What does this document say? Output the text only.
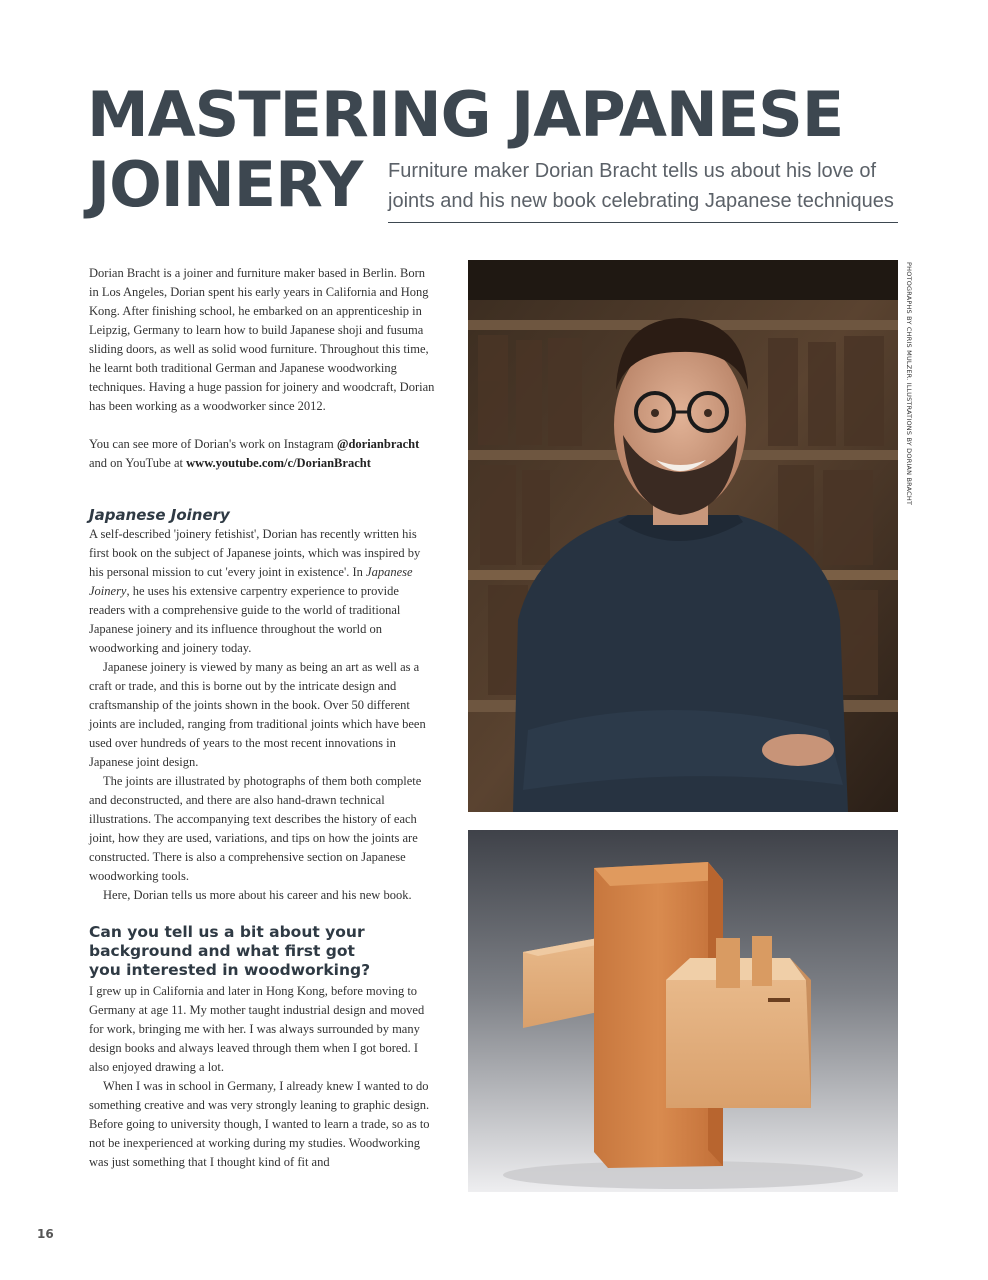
MASTERING JAPANESE
JOINERY Furniture maker Dorian Bracht tells us about his love of joints and his new book celebrating Japanese techniques

Dorian Bracht is a joiner and furniture maker based in Berlin. Born in Los Angeles, Dorian spent his early years in California and Hong Kong. After finishing school, he embarked on an apprenticeship in Leipzig, Germany to learn how to build Japanese shoji and fusuma sliding doors, as well as solid wood furniture. Throughout this time, he learnt both traditional German and Japanese woodworking techniques. Having a huge passion for joinery and woodcraft, Dorian has been working as a woodworker since 2012.

You can see more of Dorian's work on Instagram @dorianbracht and on YouTube at www.youtube.com/c/DorianBracht

Japanese Joinery

A self-described 'joinery fetishist', Dorian has recently written his first book on the subject of Japanese joints, which was inspired by his personal mission to cut 'every joint in existence'. In Japanese Joinery, he uses his extensive carpentry experience to provide readers with a comprehensive guide to the world of traditional Japanese joinery and its influence throughout the world on woodworking and joinery today.

Japanese joinery is viewed by many as being an art as well as a craft or trade, and this is borne out by the intricate design and craftsmanship of the joints shown in the book. Over 50 different joints are included, ranging from traditional joints which have been used over hundreds of years to the most recent innovations in Japanese joint design.

The joints are illustrated by photographs of them both complete and deconstructed, and there are also hand-drawn technical illustrations. The accompanying text describes the history of each joint, how they are used, variations, and tips on how the joints are constructed. There is also a comprehensive section on Japanese woodworking tools.

Here, Dorian tells us more about his career and his new book.

Can you tell us a bit about your background and what first got you interested in woodworking?

I grew up in California and later in Hong Kong, before moving to Germany at age 11. My mother taught industrial design and moved for work, bringing me with her. I was always surrounded by many design books and always leaved through them when I got bored. I also enjoyed drawing a lot.

When I was in school in Germany, I already knew I wanted to do something creative and was very strongly leaning to graphic design. Before going to university though, I wanted to learn a trade, so as to not be inexperienced at working during my studies. Woodworking was just something that I thought kind of fit and

PHOTOGRAPHS BY CHRIS MULZER. ILLUSTRATIONS BY DORIAN BRACHT
16
